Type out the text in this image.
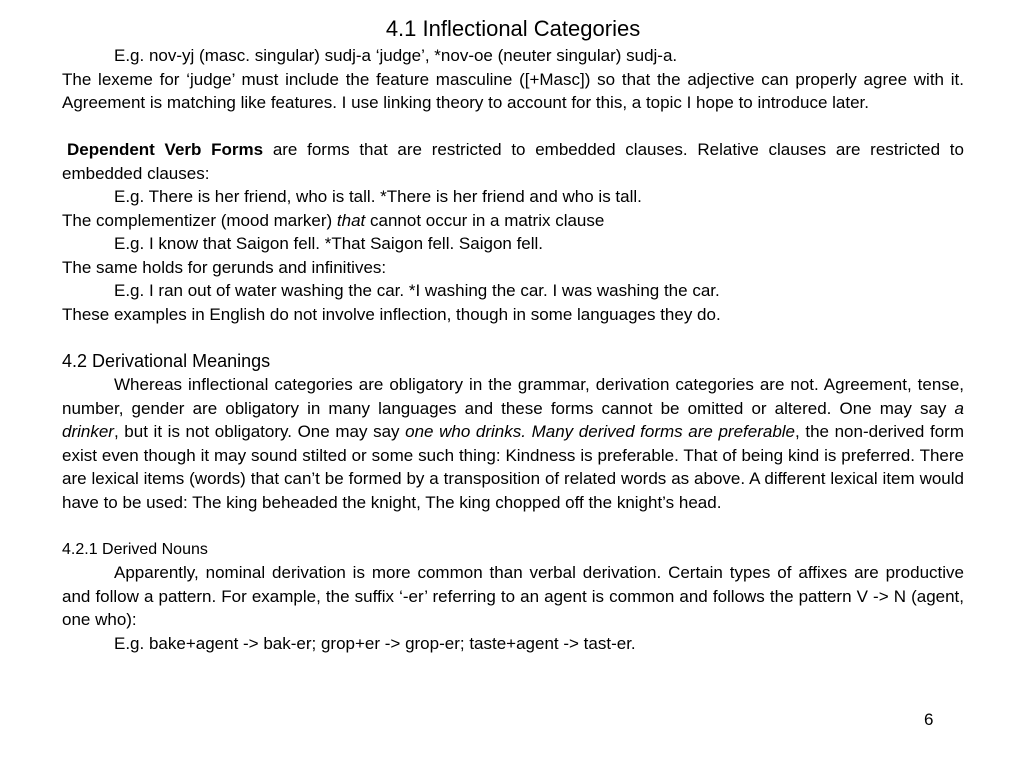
4.1 Inflectional Categories

E.g. nov-yj (masc. singular) sudj-a ‘judge’, *nov-oe (neuter singular) sudj-a.

The lexeme for ‘judge’ must include the feature masculine ([+Masc]) so that the adjective can properly agree with it. Agreement is matching like features. I use linking theory to account for this, a topic I hope to introduce later.

Dependent Verb Forms are forms that are restricted to embedded clauses. Relative clauses are restricted to embedded clauses:

E.g. There is her friend, who is tall. *There is her friend and who is tall.

The complementizer (mood marker) that cannot occur in a matrix clause

E.g. I know that Saigon fell. *That Saigon fell. Saigon fell.

The same holds for gerunds and infinitives:

E.g. I ran out of water washing the car. *I washing the car. I was washing the car.

These examples in English do not involve inflection, though in some languages they do.

4.2 Derivational Meanings

Whereas inflectional categories are obligatory in the grammar, derivation categories are not. Agreement, tense, number, gender are obligatory in many languages and these forms cannot be omitted or altered. One may say a drinker, but it is not obligatory. One may say one who drinks. Many derived forms are preferable, the non-derived form exist even though it may sound stilted or some such thing: Kindness is preferable. That of being kind is preferred. There are lexical items (words) that can’t be formed by a transposition of related words as above. A different lexical item would have to be used: The king beheaded the knight, The king chopped off the knight’s head.

4.2.1 Derived Nouns

Apparently, nominal derivation is more common than verbal derivation. Certain types of affixes are productive and follow a pattern. For example, the suffix ‘-er’ referring to an agent is common and follows the pattern V -> N (agent, one who):

E.g. bake+agent -> bak-er; grop+er -> grop-er; taste+agent -> tast-er.

6
